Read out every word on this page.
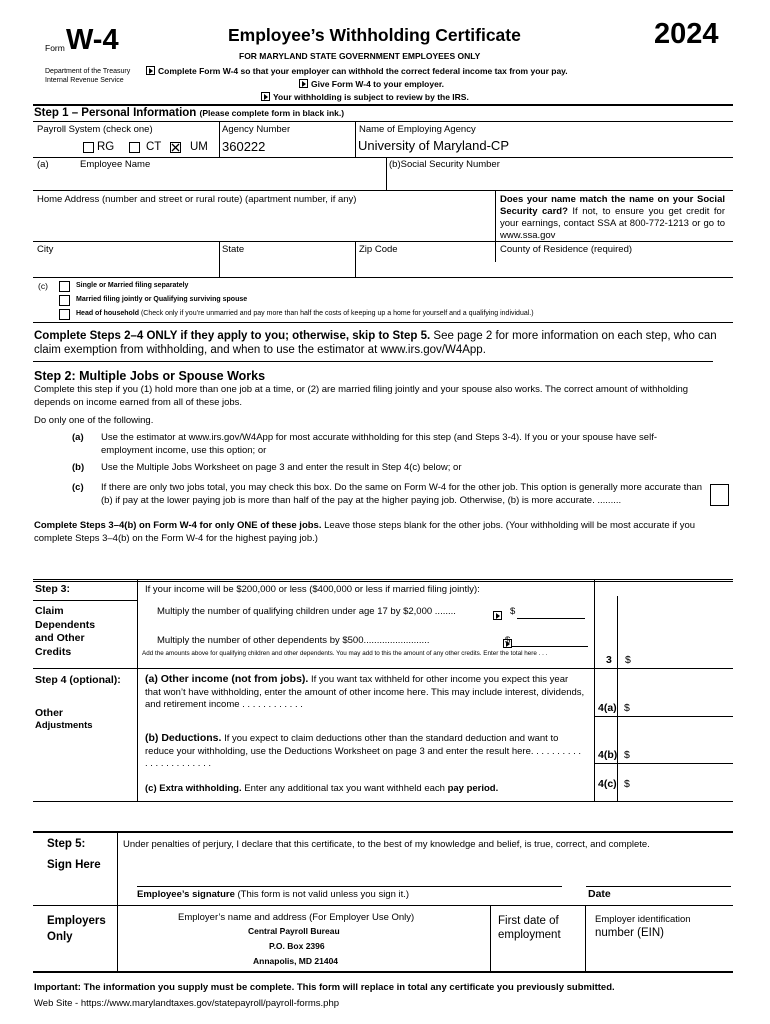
Form W-4	Employee’s Withholding Certificate	2024
FOR MARYLAND STATE GOVERNMENT EMPLOYEES ONLY
Department of the Treasury
Internal Revenue Service
Complete Form W-4 so that your employer can withhold the correct federal income tax from your pay.
Give Form W-4 to your employer.
Your withholding is subject to review by the IRS.
Step 1 – Personal Information (Please complete form in black ink.)
Payroll System (check one)
RG	CT UM
Agency Number
360222
Name of Employing Agency
University of Maryland-CP
(a)	Employee Name	(b)Social Security Number
Home Address (number and street or rural route) (apartment number, if any)	Does your name match the name on your Social Security card? If not, to ensure you get credit for your earnings, contact SSA at 800-772-1213 or go to www.ssa.gov
City	State	Zip Code	County of Residence (required)
(c)	Single or Married filing separately
Married filing jointly or Qualifying surviving spouse
Head of household (Check only if you’re unmarried and pay more than half the costs of keeping up a home for yourself and a qualifying individual.)
Complete Steps 2–4 ONLY if they apply to you; otherwise, skip to Step 5. See page 2 for more information on each step, who can claim exemption from withholding, and when to use the estimator at www.irs.gov/W4App.
Step 2: Multiple Jobs or Spouse Works
Complete this step if you (1) hold more than one job at a time, or (2) are married filing jointly and your spouse also works. The correct amount of withholding depends on income earned from all of these jobs.
Do only one of the following.
(a) Use the estimator at www.irs.gov/W4App for most accurate withholding for this step (and Steps 3-4). If you or your spouse have self-employment income, use this option; or
(b) Use the Multiple Jobs Worksheet on page 3 and enter the result in Step 4(c) below; or
(c) If there are only two jobs total, you may check this box. Do the same on Form W-4 for the other job. This option is generally more accurate than (b) if pay at the lower paying job is more than half of the pay at the higher paying job. Otherwise, (b) is more accurate. .........
Complete Steps 3–4(b) on Form W-4 for only ONE of these jobs. Leave those steps blank for the other jobs. (Your withholding will be most accurate if you complete Steps 3–4(b) on the Form W-4 for the highest paying job.)
Step 3:	If your income will be $200,000 or less ($400,000 or less if married filing jointly):
Claim Dependents and Other Credits
Multiply the number of qualifying children under age 17 by $2,000 ........
	$
Multiply the number of other dependents by $500.........................	$
Add the amounts above for qualifying children and other dependents. You may add to this the amount of any other credits. Enter the total here . . .
3 $
Step 4 (optional):
Other
Adjustments
(a) Other income (not from jobs). If you want tax withheld for other income you expect this year that won’t have withholding, enter the amount of other income here. This may include interest, dividends, and retirement income . . . . . . . . . . . .	4(a) $
(b) Deductions. If you expect to claim deductions other than the standard deduction and want to reduce your withholding, use the Deductions Worksheet on page 3 and enter the result here. . . . . . . . . . . . . . . . . . . . . . .
4(b) $
(c) Extra withholding. Enter any additional tax you want withheld each pay period.	4(c) $
Step 5:
Sign Here
Under penalties of perjury, I declare that this certificate, to the best of my knowledge and belief, is true, correct, and complete.
Employee’s signature (This form is not valid unless you sign it.)	Date
Employers Only
Employer’s name and address (For Employer Use Only)
Central Payroll Bureau
P.O. Box 2396
Annapolis, MD 21404
First date of employment
Employer identification
number (EIN)
Important: The information you supply must be complete. This form will replace in total any certificate you previously submitted. Web Site - https://www.marylandtaxes.gov/statepayroll/payroll-forms.php
